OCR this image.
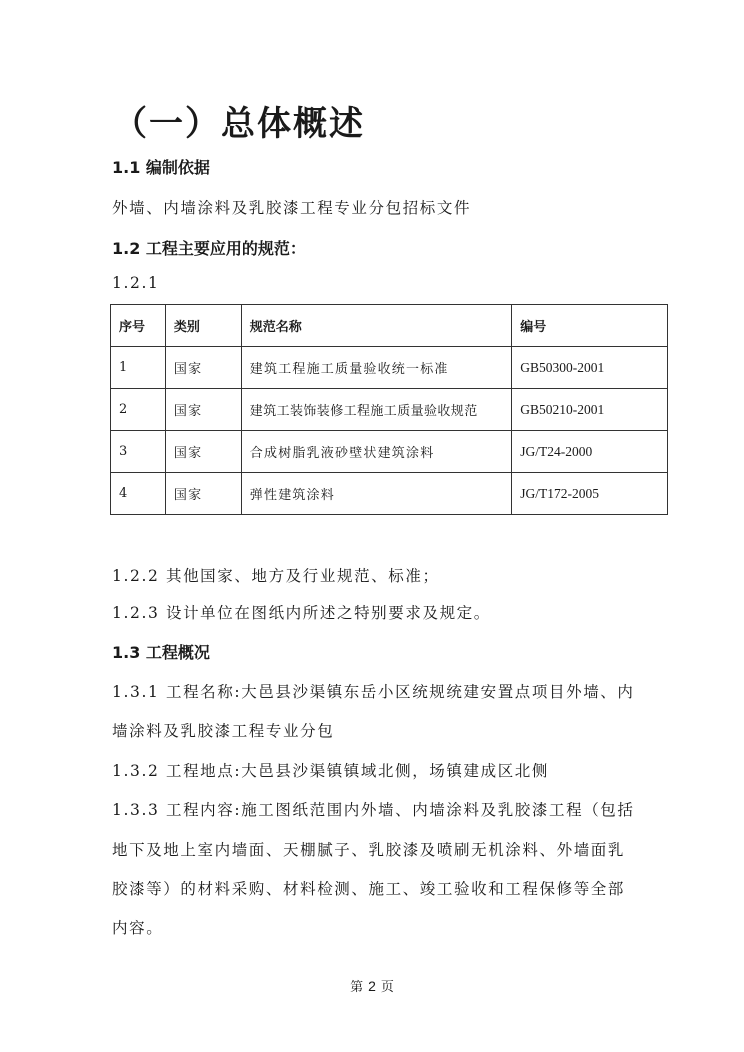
（一）总体概述
1.1 编制依据
外墙、内墙涂料及乳胶漆工程专业分包招标文件
1.2 工程主要应用的规范：
1.2.1
序号	类别	规范名称	编号
1	国家	建筑工程施工质量验收统一标准	GB50300-2001
2	国家	建筑工装饰装修工程施工质量验收规范	GB50210-2001
3	国家	合成树脂乳液砂壁状建筑涂料	JG/T24-2000
4	国家	弹性建筑涂料	JG/T172-2005
1.2.2 其他国家、地方及行业规范、标准；
1.2.3 设计单位在图纸内所述之特别要求及规定。
1.3 工程概况
1.3.1 工程名称:大邑县沙渠镇东岳小区统规统建安置点项目外墙、内
墙涂料及乳胶漆工程专业分包
1.3.2 工程地点:大邑县沙渠镇镇域北侧，场镇建成区北侧
1.3.3 工程内容:施工图纸范围内外墙、内墙涂料及乳胶漆工程（包括
地下及地上室内墙面、天棚腻子、乳胶漆及喷刷无机涂料、外墙面乳
胶漆等）的材料采购、材料检测、施工、竣工验收和工程保修等全部
内容。
第 2 页
